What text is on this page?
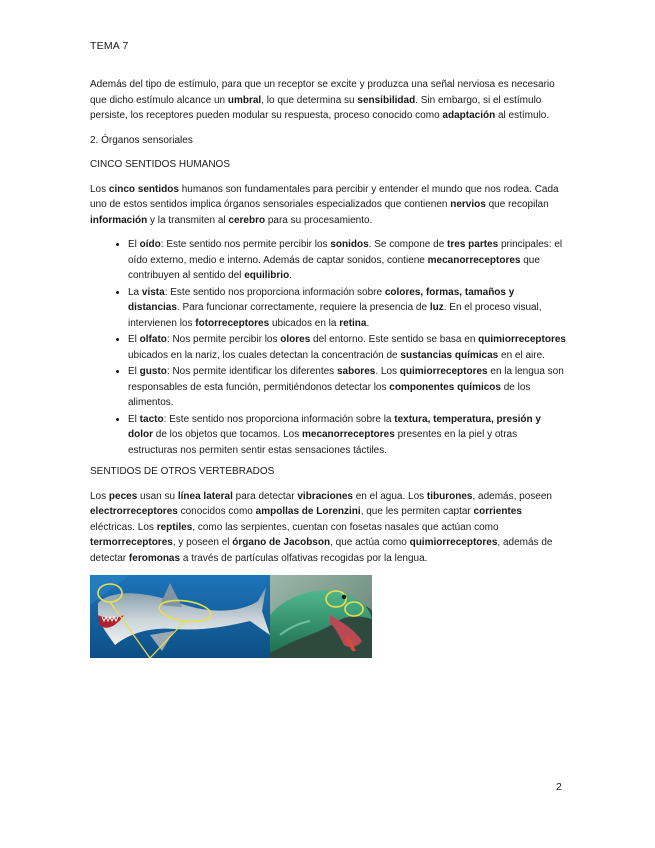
TEMA 7

Además del tipo de estímulo, para que un receptor se excite y produzca una señal nerviosa es necesario que dicho estímulo alcance un umbral, lo que determina su sensibilidad. Sin embargo, si el estímulo persiste, los receptores pueden modular su respuesta, proceso conocido como adaptación al estímulo.

2. Órganos sensoriales

CINCO SENTIDOS HUMANOS

Los cinco sentidos humanos son fundamentales para percibir y entender el mundo que nos rodea. Cada uno de estos sentidos implica órganos sensoriales especializados que contienen nervios que recopilan información y la transmiten al cerebro para su procesamiento.

• El oído: Este sentido nos permite percibir los sonidos. Se compone de tres partes principales: el oído externo, medio e interno. Además de captar sonidos, contiene mecanorreceptores que contribuyen al sentido del equilibrio.
• La vista: Este sentido nos proporciona información sobre colores, formas, tamaños y distancias. Para funcionar correctamente, requiere la presencia de luz. En el proceso visual, intervienen los fotorreceptores ubicados en la retina.
• El olfato: Nos permite percibir los olores del entorno. Este sentido se basa en quimiorreceptores ubicados en la nariz, los cuales detectan la concentración de sustancias químicas en el aire.
• El gusto: Nos permite identificar los diferentes sabores. Los quimiorreceptores en la lengua son responsables de esta función, permitiéndonos detectar los componentes químicos de los alimentos.
• El tacto: Este sentido nos proporciona información sobre la textura, temperatura, presión y dolor de los objetos que tocamos. Los mecanorreceptores presentes en la piel y otras estructuras nos permiten sentir estas sensaciones táctiles.

SENTIDOS DE OTROS VERTEBRADOS

Los peces usan su línea lateral para detectar vibraciones en el agua. Los tiburones, además, poseen electrorreceptores conocidos como ampollas de Lorenzini, que les permiten captar corrientes eléctricas. Los reptiles, como las serpientes, cuentan con fosetas nasales que actúan como termorreceptores, y poseen el órgano de Jacobson, que actúa como quimiorreceptores, además de detectar feromonas a través de partículas olfativas recogidas por la lengua.

2
